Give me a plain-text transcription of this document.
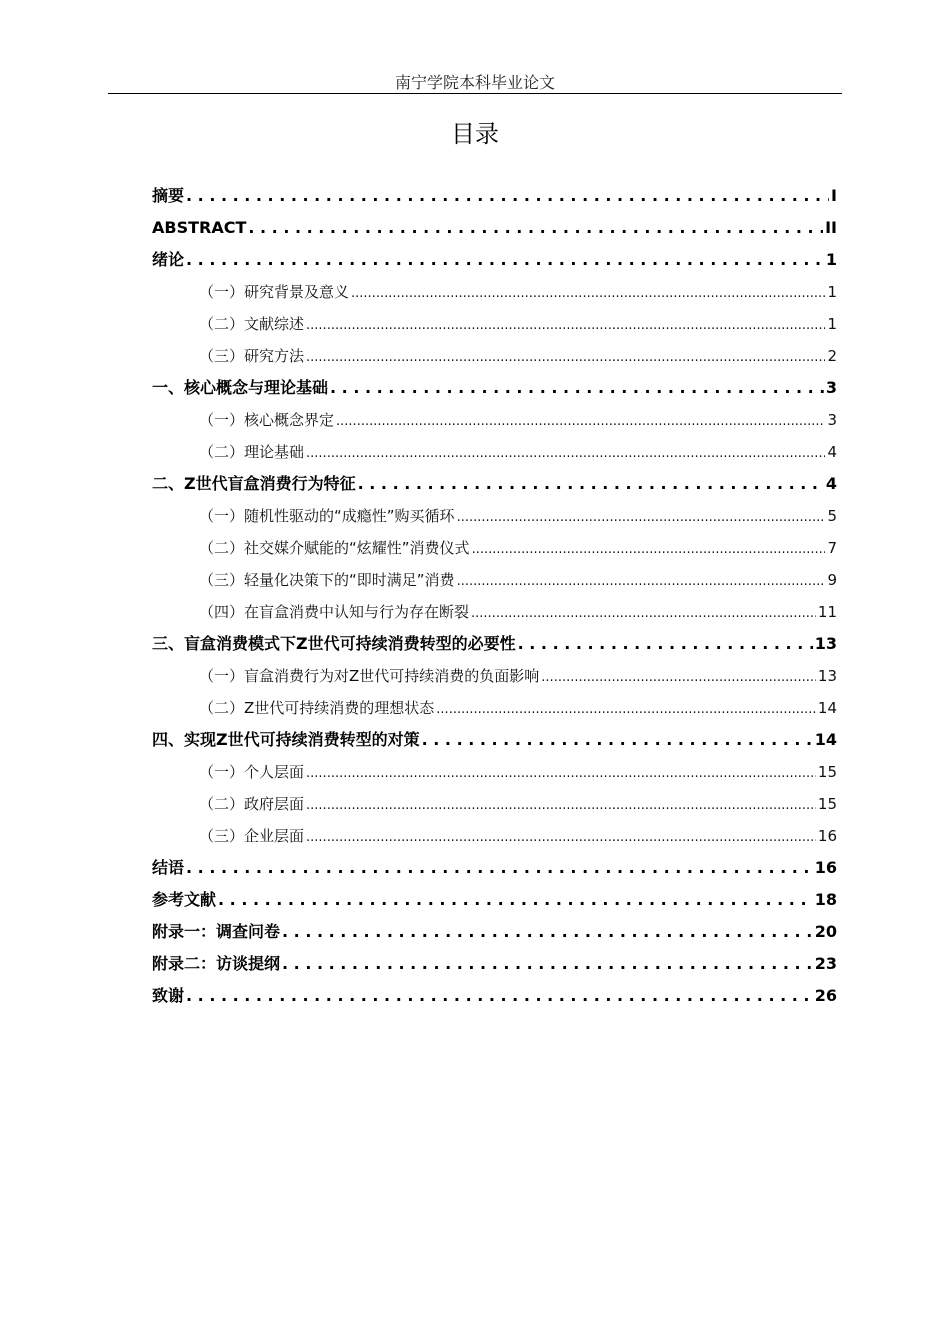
南宁学院本科毕业论文
目录
摘要 . . .	I
ABSTRACT . . .	II
绪论 . . .	1
（一） 研究背景及意义 .....	1
（二） 文献综述 .....	1
（三） 研究方法 .....	2
一、 核心概念与理论基础 . . .	3
（一） 核心概念界定 .....	3
（二） 理论基础 .....	4
二、 Z世代盲盒消费行为特征 . . .	4
（一） 随机性驱动的“成瘾性”购买循环 .....	5
（二） 社交媒介赋能的“炫耀性”消费仪式 .....	7
（三） 轻量化决策下的“即时满足”消费 .....	9
（四） 在盲盒消费中认知与行为存在断裂 .....	11
三、 盲盒消费模式下Z世代可持续消费转型的必要性 . . .	13
（一） 盲盒消费行为对Z世代可持续消费的负面影响 .....	13
（二） Z世代可持续消费的理想状态 .....	14
四、 实现Z世代可持续消费转型的对策 . . .	14
（一） 个人层面 .....	15
（二） 政府层面 .....	15
（三） 企业层面 .....	16
结语 . . .	16
参考文献 . . .	18
附录一：调查问卷 . . .	20
附录二：访谈提纲 . . .	23
致谢 . . .	26
